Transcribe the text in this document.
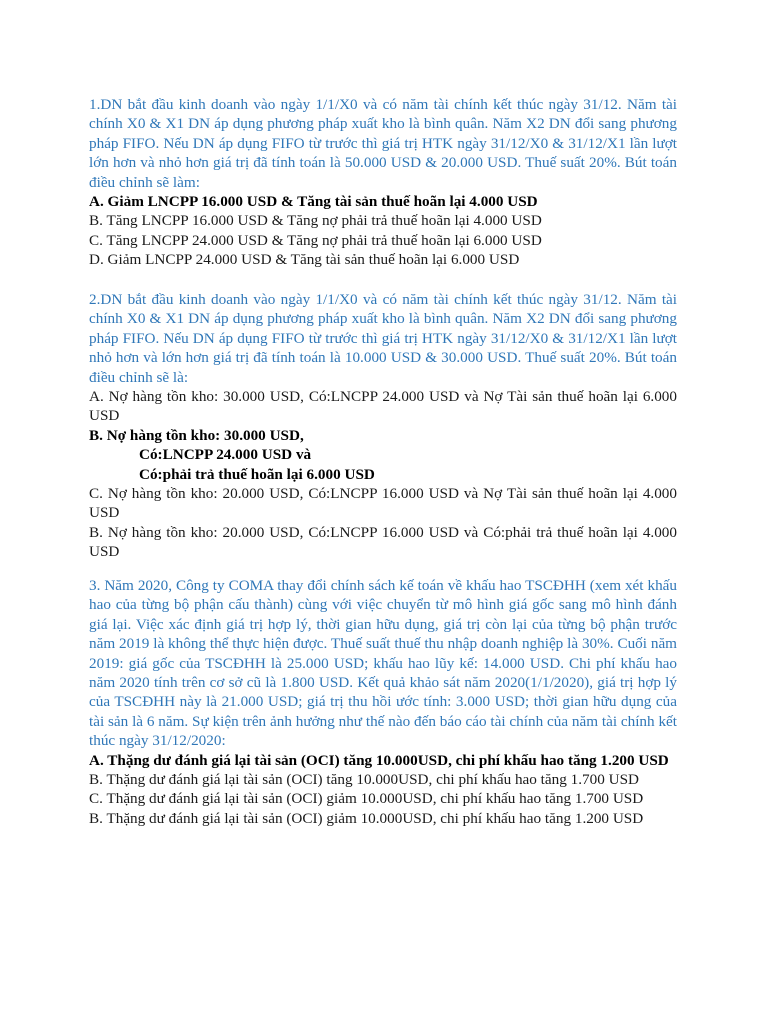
1.DN bắt đầu kinh doanh vào ngày 1/1/X0 và có năm tài chính kết thúc ngày 31/12. Năm tài chính X0 & X1 DN áp dụng phương pháp xuất kho là bình quân. Năm X2 DN đổi sang phương pháp FIFO. Nếu DN áp dụng FIFO từ trước thì giá trị HTK ngày 31/12/X0 & 31/12/X1 lần lượt lớn hơn và nhỏ hơn giá trị đã tính toán là 50.000 USD & 20.000 USD. Thuế suất 20%. Bút toán điều chỉnh sẽ làm:
A. Giảm LNCPP 16.000 USD & Tăng tài sản thuế hoãn lại 4.000 USD
B. Tăng LNCPP 16.000 USD & Tăng nợ phải trả thuế hoãn lại 4.000 USD
C. Tăng LNCPP 24.000 USD & Tăng nợ phải trả thuế hoãn lại 6.000 USD
D. Giảm LNCPP 24.000 USD & Tăng tài sản thuế hoãn lại 6.000 USD
2.DN bắt đầu kinh doanh vào ngày 1/1/X0 và có năm tài chính kết thúc ngày 31/12. Năm tài chính X0 & X1 DN áp dụng phương pháp xuất kho là bình quân. Năm X2 DN đổi sang phương pháp FIFO. Nếu DN áp dụng FIFO từ trước thì giá trị HTK ngày 31/12/X0 & 31/12/X1 lần lượt nhỏ hơn và lớn hơn giá trị đã tính toán là 10.000 USD & 30.000 USD. Thuế suất 20%. Bút toán điều chỉnh sẽ là:
A. Nợ hàng tồn kho: 30.000 USD, Có:LNCPP 24.000 USD và Nợ Tài sản thuế hoãn lại 6.000 USD
B. Nợ hàng tồn kho: 30.000 USD,
Có:LNCPP 24.000 USD và
Có:phải trả thuế hoãn lại 6.000 USD
C. Nợ hàng tồn kho: 20.000 USD, Có:LNCPP 16.000 USD và Nợ Tài sản thuế hoãn lại 4.000 USD
B. Nợ hàng tồn kho: 20.000 USD, Có:LNCPP 16.000 USD và Có:phải trả thuế hoãn lại 4.000 USD
3. Năm 2020, Công ty COMA thay đổi chính sách kế toán về khấu hao TSCĐHH (xem xét khấu hao của từng bộ phận cấu thành) cùng với việc chuyển từ mô hình giá gốc sang mô hình đánh giá lại. Việc xác định giá trị hợp lý, thời gian hữu dụng, giá trị còn lại của từng bộ phận trước năm 2019 là không thể thực hiện được. Thuế suất thuế thu nhập doanh nghiệp là 30%. Cuối năm 2019: giá gốc của TSCĐHH là 25.000 USD; khấu hao lũy kế: 14.000 USD. Chi phí khấu hao năm 2020 tính trên cơ sở cũ là 1.800 USD. Kết quả khảo sát năm 2020(1/1/2020), giá trị hợp lý của TSCĐHH này là 21.000 USD; giá trị thu hồi ước tính: 3.000 USD; thời gian hữu dụng của tài sản là 6 năm. Sự kiện trên ảnh hưởng như thế nào đến báo cáo tài chính của năm tài chính kết thúc ngày 31/12/2020:
A. Thặng dư đánh giá lại tài sản (OCI) tăng 10.000USD, chi phí khấu hao tăng 1.200 USD
B. Thặng dư đánh giá lại tài sản (OCI) tăng 10.000USD, chi phí khấu hao tăng 1.700 USD
C. Thặng dư đánh giá lại tài sản (OCI) giảm 10.000USD, chi phí khấu hao tăng 1.700 USD
B. Thặng dư đánh giá lại tài sản (OCI) giảm 10.000USD, chi phí khấu hao tăng 1.200 USD
